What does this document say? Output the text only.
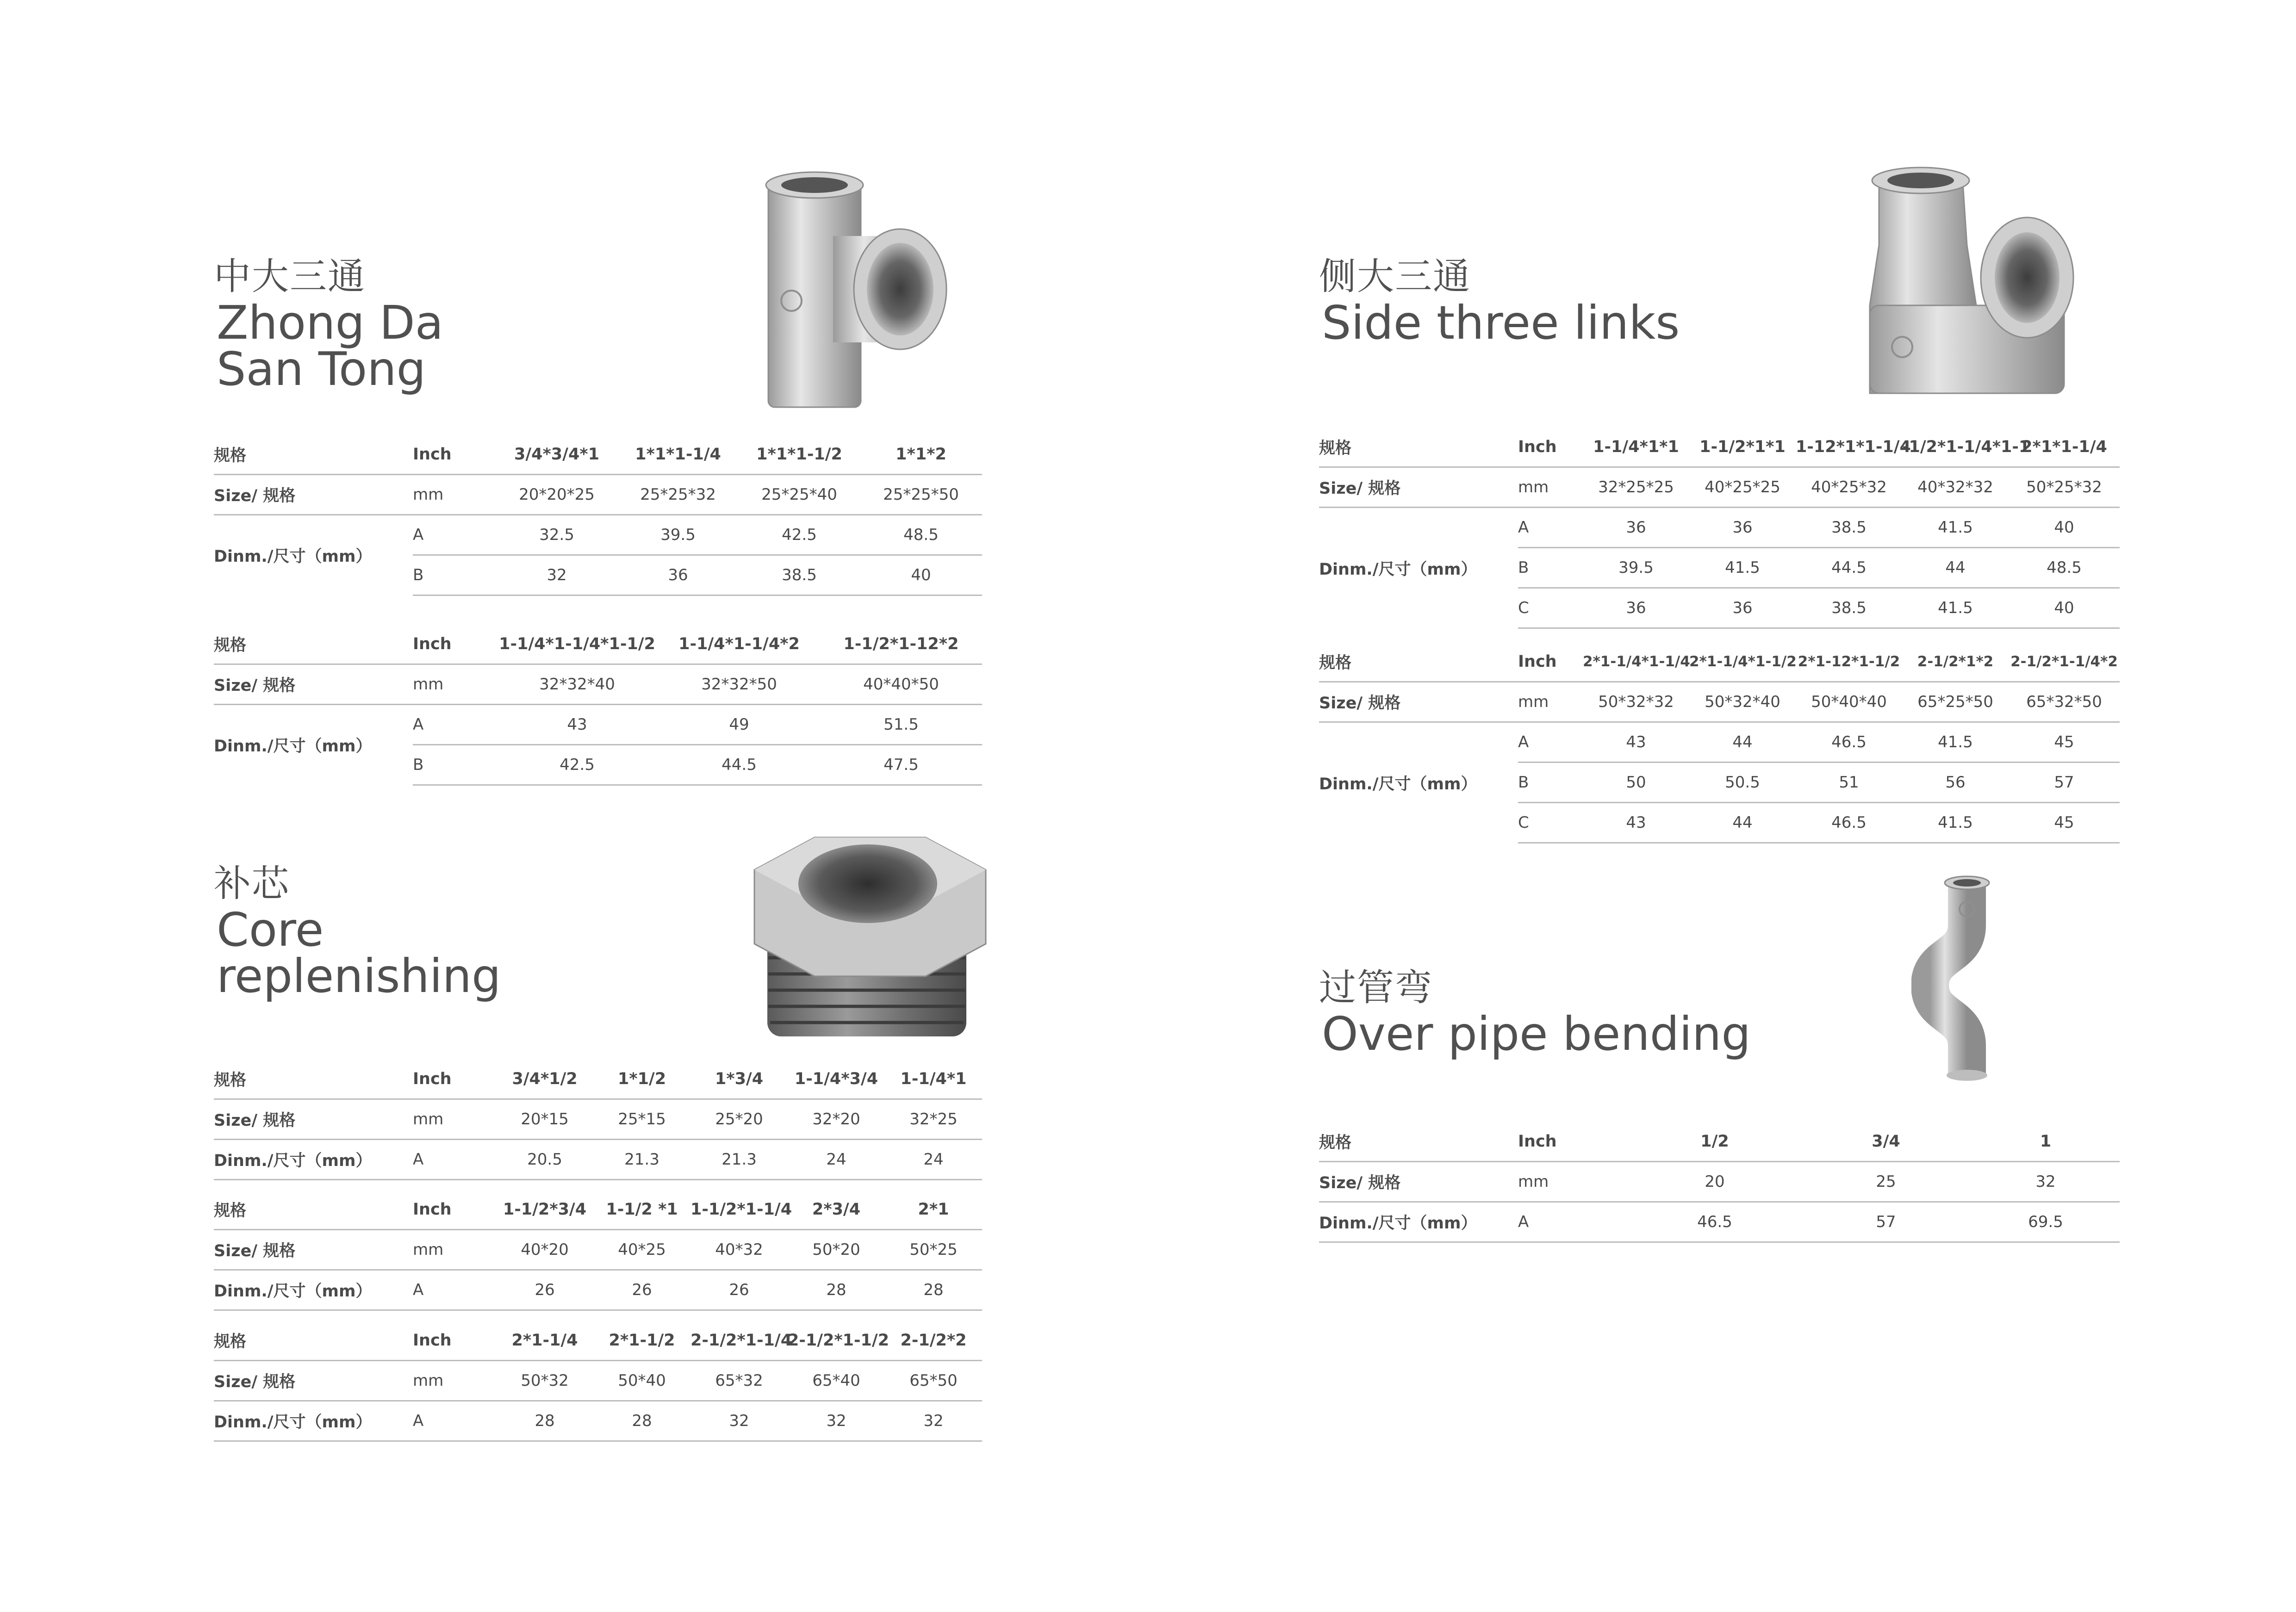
中大三通
Zhong Da
San Tong
规格	Inch	3/4*3/4*1	1*1*1-1/4	1*1*1-1/2	1*1*2
Size/ 规格	mm	20*20*25	25*25*32	25*25*40	25*25*50
Dinm./尺寸（mm）	A	32.5	39.5	42.5	48.5
	B	32	36	38.5	40
规格	Inch	1-1/4*1-1/4*1-1/2	1-1/4*1-1/4*2	1-1/2*1-12*2
Size/ 规格	mm	32*32*40	32*32*50	40*40*50
Dinm./尺寸（mm）	A	43	49	51.5
	B	42.5	44.5	47.5
补芯
Core
replenishing
规格	Inch	3/4*1/2	1*1/2	1*3/4	1-1/4*3/4	1-1/4*1
Size/ 规格	mm	20*15	25*15	25*20	32*20	32*25
Dinm./尺寸（mm）	A	20.5	21.3	21.3	24	24
规格	Inch	1-1/2*3/4	1-1/2 *1	1-1/2*1-1/4	2*3/4	2*1
Size/ 规格	mm	40*20	40*25	40*32	50*20	50*25
Dinm./尺寸（mm）	A	26	26	26	28	28
规格	Inch	2*1-1/4	2*1-1/2	2-1/2*1-1/4	2-1/2*1-1/2	2-1/2*2
Size/ 规格	mm	50*32	50*40	65*32	65*40	65*50
Dinm./尺寸（mm）	A	28	28	32	32	32
侧大三通
Side three links
规格	Inch	1-1/4*1*1	1-1/2*1*1	1-12*1*1-1/4	-1/2*1-1/4*1-1	2*1*1-1/4
Size/ 规格	mm	32*25*25	40*25*25	40*25*32	40*32*32	50*25*32
Dinm./尺寸（mm）	A	36	36	38.5	41.5	40
	B	39.5	41.5	44.5	44	48.5
	C	36	36	38.5	41.5	40
规格	Inch	2*1-1/4*1-1/4	2*1-1/4*1-1/2	2*1-12*1-1/2	2-1/2*1*2	2-1/2*1-1/4*2
Size/ 规格	mm	50*32*32	50*32*40	50*40*40	65*25*50	65*32*50
Dinm./尺寸（mm）	A	43	44	46.5	41.5	45
	B	50	50.5	51	56	57
	C	43	44	46.5	41.5	45
过管弯
Over pipe bending
规格	Inch	1/2	3/4	1
Size/ 规格	mm	20	25	32
Dinm./尺寸（mm）	A	46.5	57	69.5
